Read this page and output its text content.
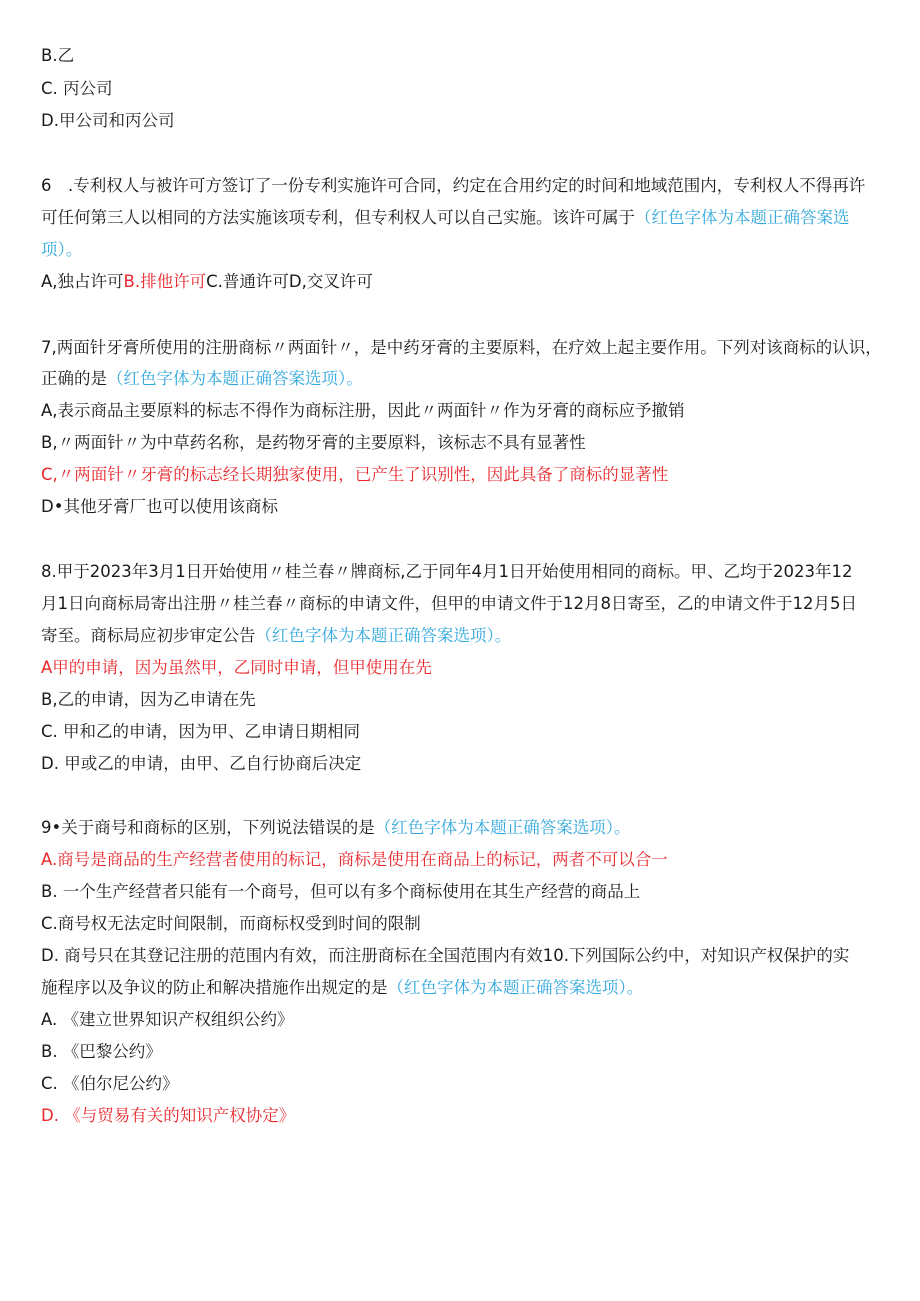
B.乙
C. 丙公司
D.甲公司和丙公司
6　.专利权人与被许可方签订了一份专利实施许可合同，约定在合用约定的时间和地域范围内，专利权人不得再许
可任何第三人以相同的方法实施该项专利，但专利权人可以自己实施。该许可属于（红色字体为本题正确答案选
项）。
A,独占许可B.排他许可C.普通许可D,交叉许可
7,两面针牙膏所使用的注册商标〃两面针〃，是中药牙膏的主要原料，在疗效上起主要作用。下列对该商标的认识，
正确的是（红色字体为本题正确答案选项）。
A,表示商品主要原料的标志不得作为商标注册，因此〃两面针〃作为牙膏的商标应予撤销
B,〃两面针〃为中草药名称，是药物牙膏的主要原料，该标志不具有显著性
C,〃两面针〃牙膏的标志经长期独家使用，已产生了识别性，因此具备了商标的显著性
D•其他牙膏厂也可以使用该商标
8.甲于2023年3月1日开始使用〃桂兰春〃牌商标,乙于同年4月1日开始使用相同的商标。甲、乙均于2023年12
月1日向商标局寄出注册〃桂兰春〃商标的申请文件，但甲的申请文件于12月8日寄至，乙的申请文件于12月5日
寄至。商标局应初步审定公告（红色字体为本题正确答案选项）。
A甲的申请，因为虽然甲，乙同时申请，但甲使用在先
B,乙的申请，因为乙申请在先
C. 甲和乙的申请，因为甲、乙申请日期相同
D. 甲或乙的申请，由甲、乙自行协商后决定
9•关于商号和商标的区别，下列说法错误的是（红色字体为本题正确答案选项）。
A.商号是商品的生产经营者使用的标记，商标是使用在商品上的标记，两者不可以合一
B. 一个生产经营者只能有一个商号，但可以有多个商标使用在其生产经营的商品上
C.商号权无法定时间限制，而商标权受到时间的限制
D. 商号只在其登记注册的范围内有效，而注册商标在全国范围内有效10.下列国际公约中，对知识产权保护的实
施程序以及争议的防止和解决措施作出规定的是（红色字体为本题正确答案选项）。
A. 《建立世界知识产权组织公约》
B. 《巴黎公约》
C. 《伯尔尼公约》
D. 《与贸易有关的知识产权协定》
